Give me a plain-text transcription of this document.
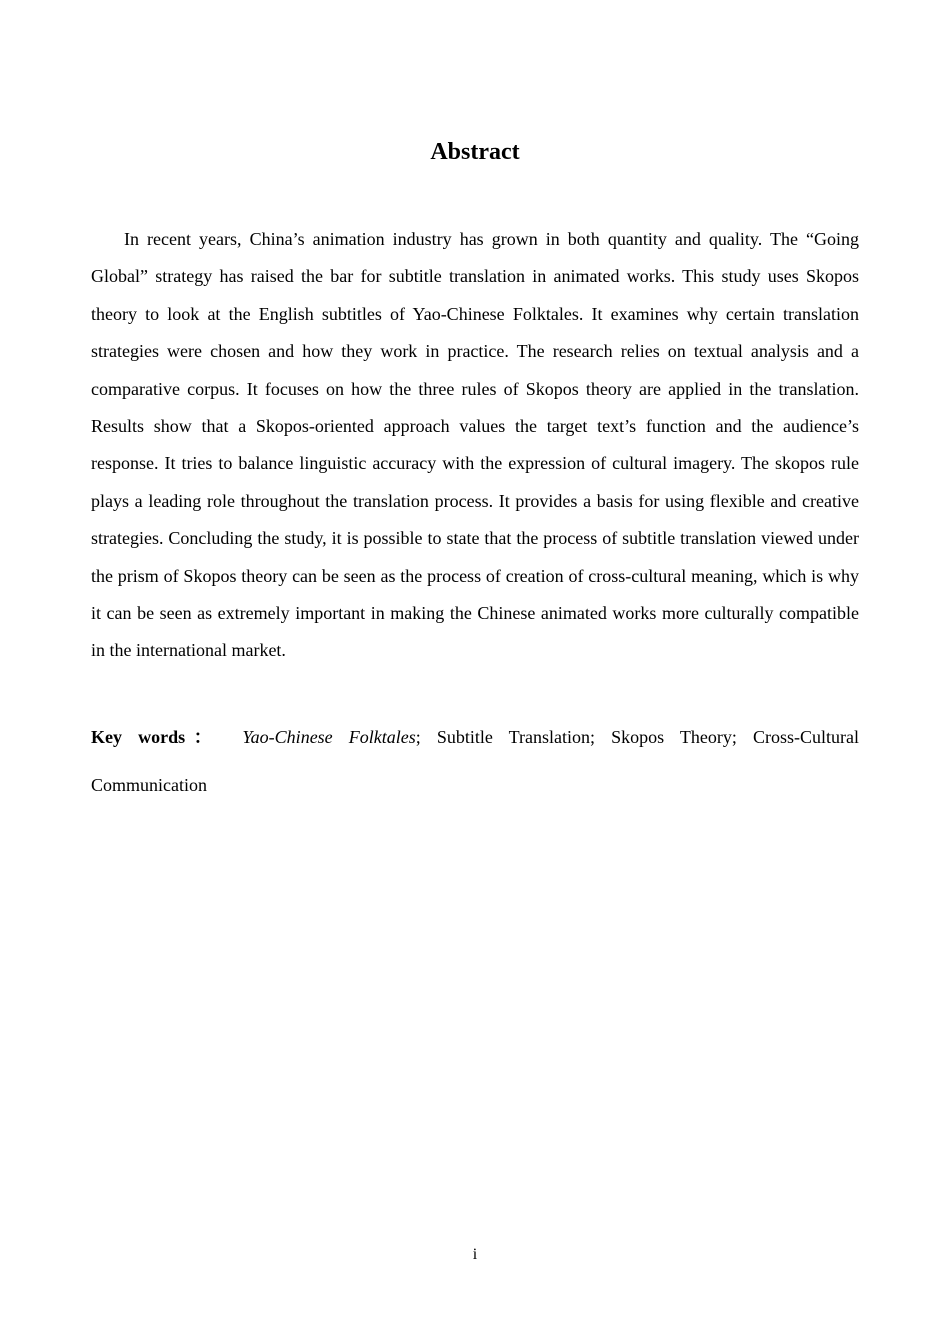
Abstract

In recent years, China’s animation industry has grown in both quantity and quality. The “Going Global” strategy has raised the bar for subtitle translation in animated works. This study uses Skopos theory to look at the English subtitles of Yao-Chinese Folktales. It examines why certain translation strategies were chosen and how they work in practice. The research relies on textual analysis and a comparative corpus. It focuses on how the three rules of Skopos theory are applied in the translation. Results show that a Skopos-oriented approach values the target text’s function and the audience’s response. It tries to balance linguistic accuracy with the expression of cultural imagery. The skopos rule plays a leading role throughout the translation process. It provides a basis for using flexible and creative strategies. Concluding the study, it is possible to state that the process of subtitle translation viewed under the prism of Skopos theory can be seen as the process of creation of cross-cultural meaning, which is why it can be seen as extremely important in making the Chinese animated works more culturally compatible in the international market.

Key words： Yao-Chinese Folktales; Subtitle Translation; Skopos Theory; Cross-Cultural Communication

i
